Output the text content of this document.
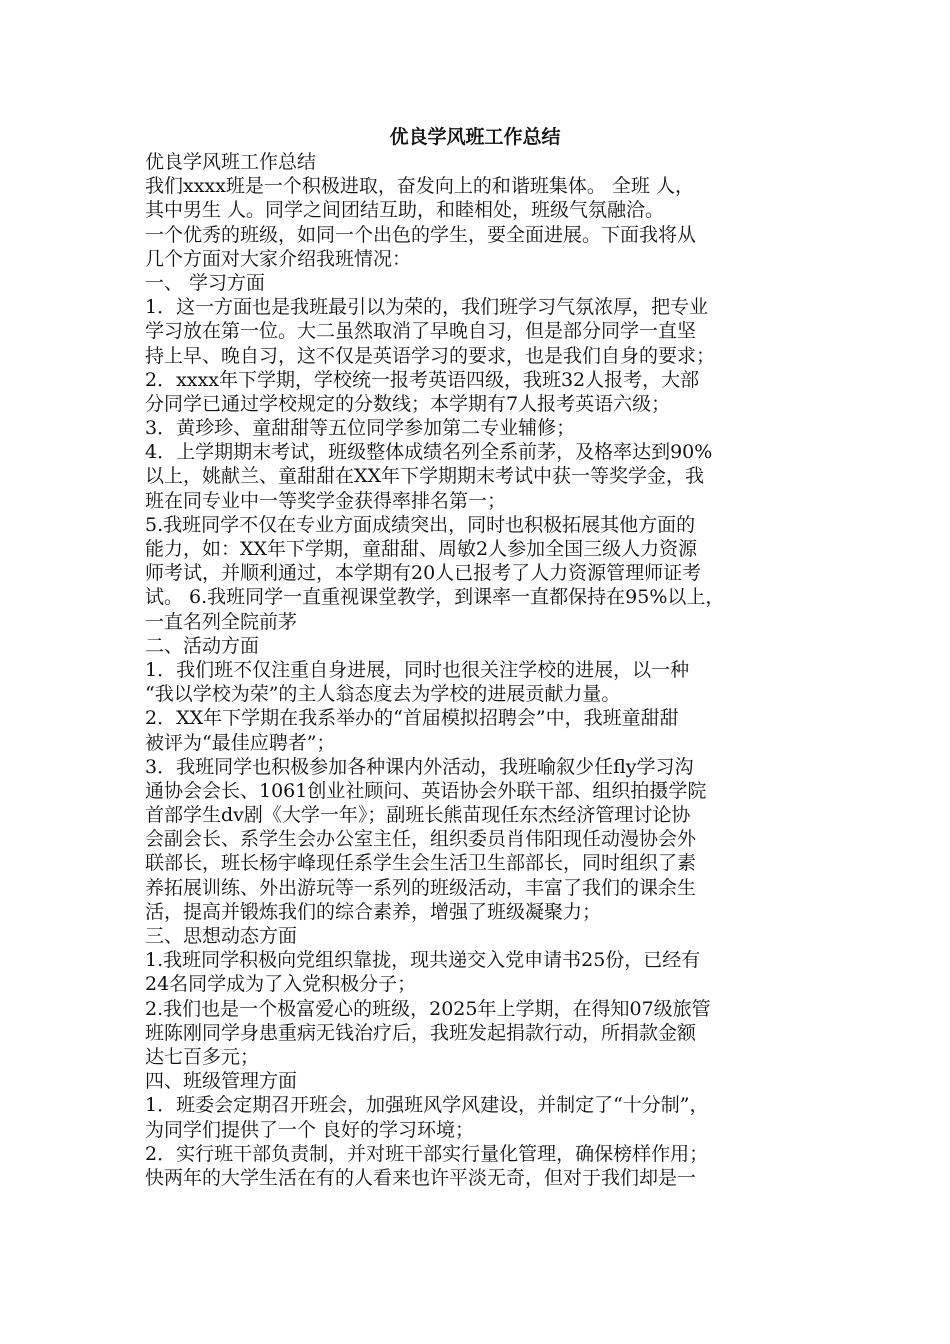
优良学风班工作总结
优良学风班工作总结
我们xxxx班是一个积极进取，奋发向上的和谐班集体。 全班 人，
其中男生 人。同学之间团结互助，和睦相处，班级气氛融洽。
一个优秀的班级，如同一个出色的学生，要全面进展。下面我将从
几个方面对大家介绍我班情况：
一、 学习方面
1．这一方面也是我班最引以为荣的，我们班学习气氛浓厚，把专业
学习放在第一位。大二虽然取消了早晚自习，但是部分同学一直坚
持上早、晚自习，这不仅是英语学习的要求，也是我们自身的要求；
2．xxxx年下学期，学校统一报考英语四级，我班32人报考，大部
分同学已通过学校规定的分数线；本学期有7人报考英语六级；
3．黄珍珍、童甜甜等五位同学参加第二专业辅修；
4．上学期期末考试，班级整体成绩名列全系前茅，及格率达到90%
以上，姚献兰、童甜甜在XX年下学期期末考试中获一等奖学金，我
班在同专业中一等奖学金获得率排名第一；
5.我班同学不仅在专业方面成绩突出，同时也积极拓展其他方面的
能力，如：XX年下学期，童甜甜、周敏2人参加全国三级人力资源
师考试，并顺利通过，本学期有20人已报考了人力资源管理师证考
试。 6.我班同学一直重视课堂教学，到课率一直都保持在95%以上，
一直名列全院前茅
二、活动方面
1．我们班不仅注重自身进展，同时也很关注学校的进展，以一种
“我以学校为荣”的主人翁态度去为学校的进展贡献力量。
2．XX年下学期在我系举办的“首届模拟招聘会”中，我班童甜甜
被评为“最佳应聘者”；
3．我班同学也积极参加各种课内外活动，我班喻叙少任fly学习沟
通协会会长、1061创业社顾问、英语协会外联干部、组织拍摄学院
首部学生dv剧《大学一年》；副班长熊苗现任东杰经济管理讨论协
会副会长、系学生会办公室主任，组织委员肖伟阳现任动漫协会外
联部长，班长杨宇峰现任系学生会生活卫生部部长，同时组织了素
养拓展训练、外出游玩等一系列的班级活动，丰富了我们的课余生
活，提高并锻炼我们的综合素养，增强了班级凝聚力；
三、思想动态方面
1.我班同学积极向党组织靠拢，现共递交入党申请书25份，已经有
24名同学成为了入党积极分子；
2.我们也是一个极富爱心的班级，2025年上学期，在得知07级旅管
班陈刚同学身患重病无钱治疗后，我班发起捐款行动，所捐款金额
达七百多元；
四、班级管理方面
1．班委会定期召开班会，加强班风学风建设，并制定了“十分制”，
为同学们提供了一个 良好的学习环境；
2．实行班干部负责制，并对班干部实行量化管理，确保榜样作用；
快两年的大学生活在有的人看来也许平淡无奇，但对于我们却是一
